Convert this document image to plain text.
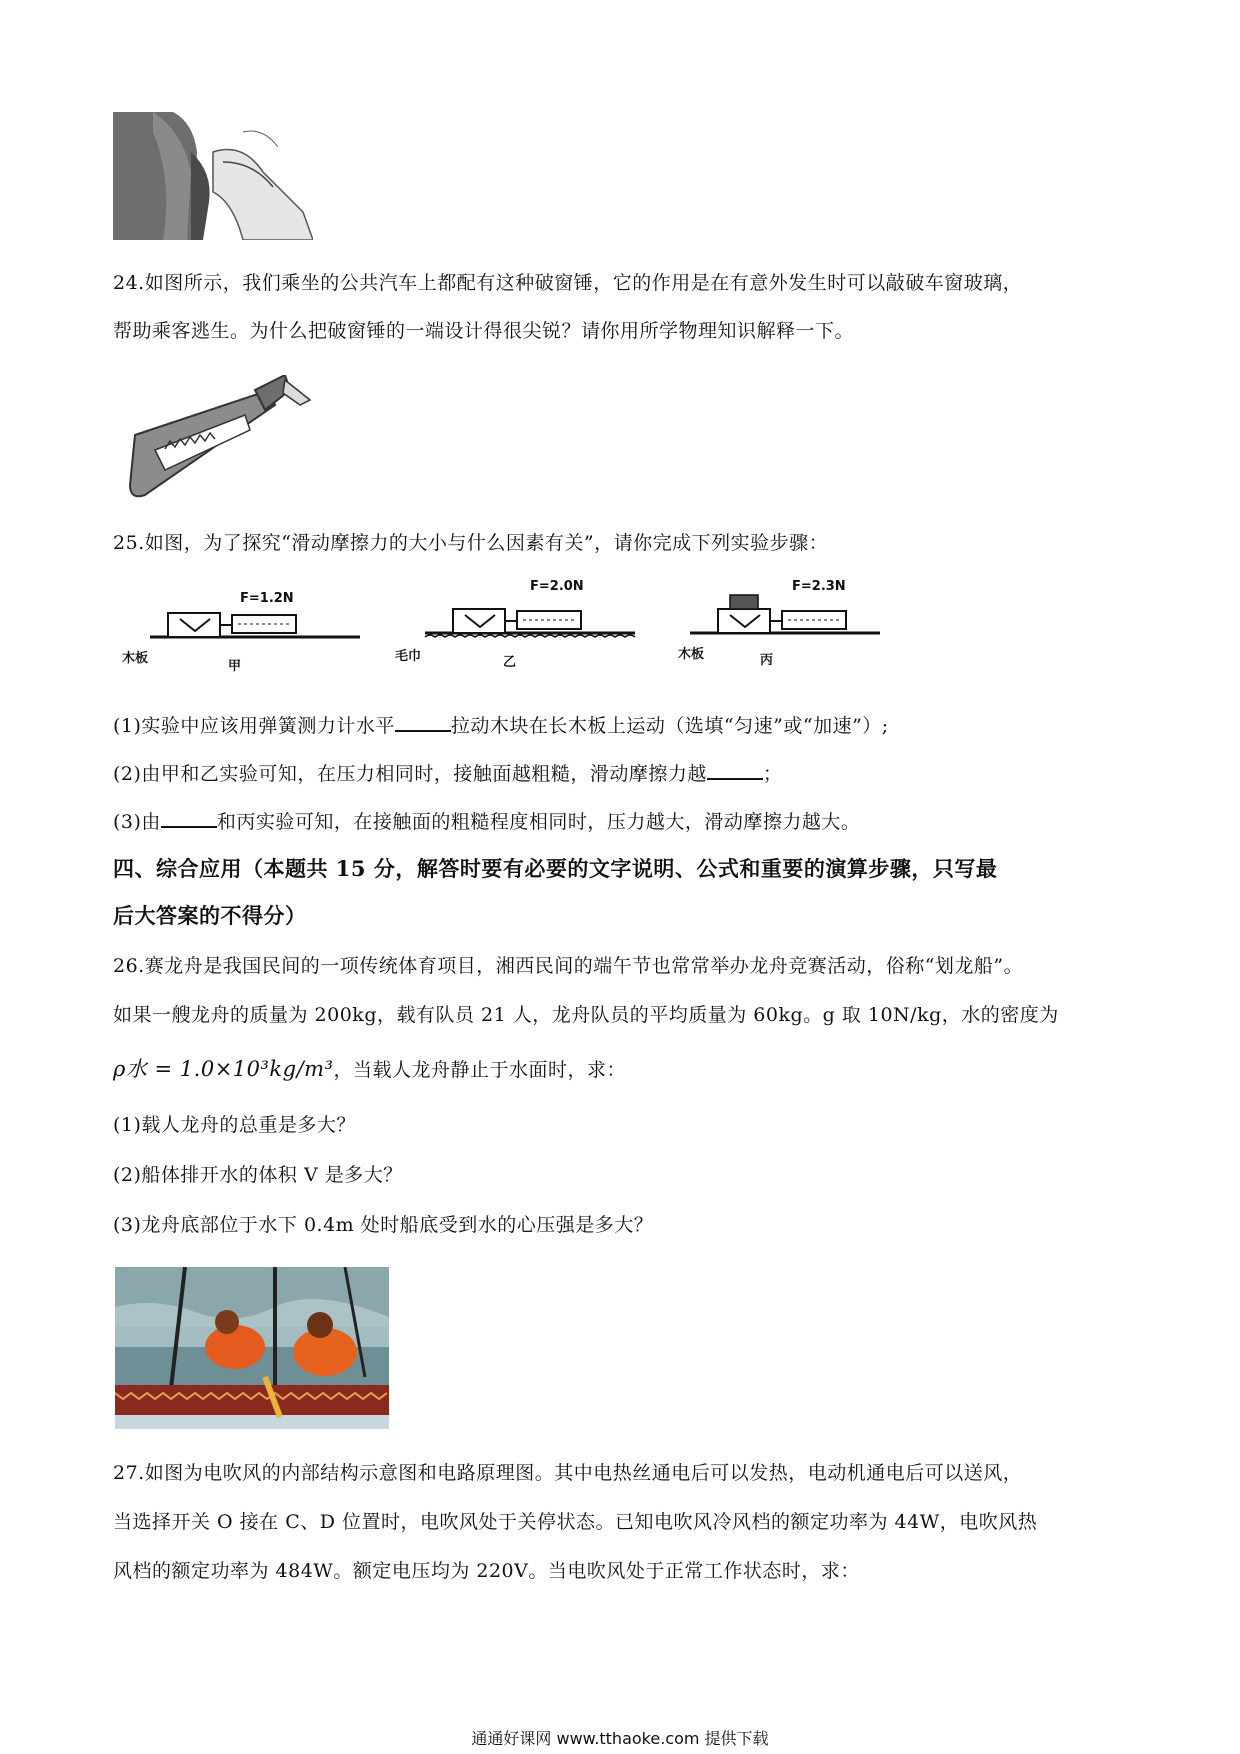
24.如图所示，我们乘坐的公共汽车上都配有这种破窗锤，它的作用是在有意外发生时可以敲破车窗玻璃，
帮助乘客逃生。为什么把破窗锤的一端设计得很尖锐？请你用所学物理知识解释一下。
25.如图，为了探究“滑动摩擦力的大小与什么因素有关”，请你完成下列实验步骤：
F=1.2N
木板
甲
F=2.0N
毛巾	乙
F=2.3N
木板	丙
(1)实验中应该用弹簧测力计水平	拉动木块在长木板上运动（选填“匀速”或“加速”）;
(2)由甲和乙实验可知，在压力相同时，接触面越粗糙，滑动摩擦力越	；
(3)由	和丙实验可知，在接触面的粗糙程度相同时，压力越大，滑动摩擦力越大。
四、综合应用（本题共 15 分，解答时要有必要的文字说明、公式和重要的演算步骤，只写最
后大答案的不得分）
26.赛龙舟是我国民间的一项传统体育项目，湘西民间的端午节也常常举办龙舟竞赛活动，俗称“划龙船”。
如果一艘龙舟的质量为 200kg，载有队员 21 人，龙舟队员的平均质量为 60kg。g 取 10N/kg，水的密度为
ρ水 = 1.0×10³kg/m³，当载人龙舟静止于水面时，求：
(1)载人龙舟的总重是多大？
(2)船体排开水的体积 V 是多大？
(3)龙舟底部位于水下 0.4m 处时船底受到水的心压强是多大？
27.如图为电吹风的内部结构示意图和电路原理图。其中电热丝通电后可以发热，电动机通电后可以送风，
当选择开关 O 接在 C、D 位置时，电吹风处于关停状态。已知电吹风冷风档的额定功率为 44W，电吹风热
风档的额定功率为 484W。额定电压均为 220V。当电吹风处于正常工作状态时，求：
通通好课网 www.tthaoke.com 提供下载
